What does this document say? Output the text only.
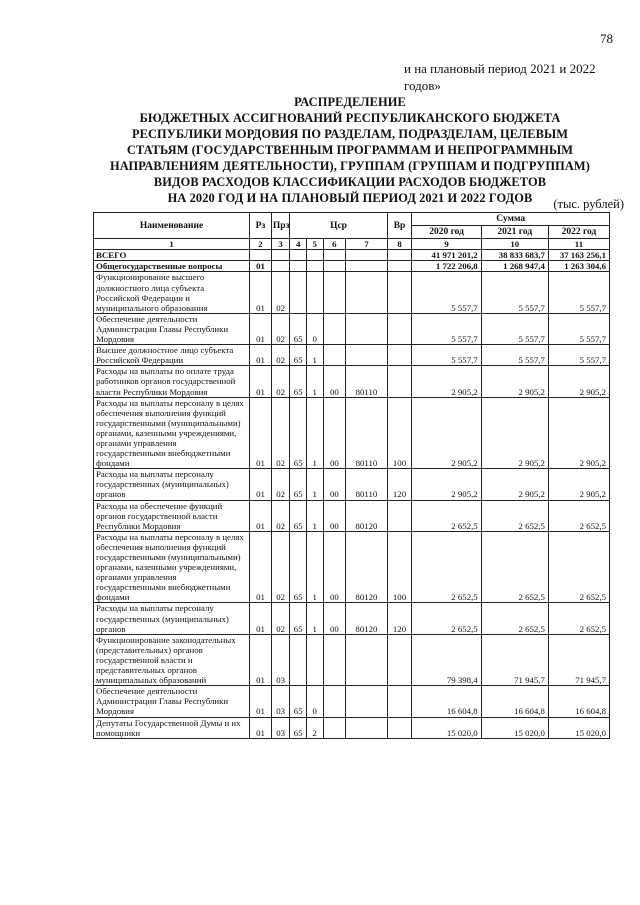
78
и на плановый период 2021 и 2022 годов»
РАСПРЕДЕЛЕНИЕ
БЮДЖЕТНЫХ АССИГНОВАНИЙ РЕСПУБЛИКАНСКОГО БЮДЖЕТА
РЕСПУБЛИКИ МОРДОВИЯ ПО РАЗДЕЛАМ, ПОДРАЗДЕЛАМ, ЦЕЛЕВЫМ
СТАТЬЯМ (ГОСУДАРСТВЕННЫМ ПРОГРАММАМ И НЕПРОГРАММНЫМ
НАПРАВЛЕНИЯМ ДЕЯТЕЛЬНОСТИ), ГРУППАМ (ГРУППАМ И ПОДГРУППАМ)
ВИДОВ РАСХОДОВ КЛАССИФИКАЦИИ РАСХОДОВ БЮДЖЕТОВ
НА 2020 ГОД И НА ПЛАНОВЫЙ ПЕРИОД 2021 И 2022 ГОДОВ	(тыс. рублей)
Наименование	Рз	Прз	Цср				Вр	Сумма		
								2020 год	2021 год	2022 год
1	2	3	4	5	6	7	8	9	10	11
ВСЕГО								41 971 201,2	38 833 683,7	37 163 256,1
Общегосударственные вопросы	01							1 722 206,8	1 268 947,4	1 263 304,6
Функционирование высшего должностного лица субъекта Российской Федерации и муниципального образования	01	02						5 557,7	5 557,7	5 557,7
Обеспечение деятельности Администрации Главы Республики Мордовия	01	02	65	0				5 557,7	5 557,7	5 557,7
Высшее должностное лицо субъекта Российской Федерации	01	02	65	1				5 557,7	5 557,7	5 557,7
Расходы на выплаты по оплате труда работников органов государственной власти Республики Мордовия	01	02	65	1	00	80110		2 905,2	2 905,2	2 905,2
Расходы на выплаты персоналу в целях обеспечения выполнения функций государственными (муниципальными) органами, казенными учреждениями, органами управления государственными внебюджетными фондами	01	02	65	1	00	80110	100	2 905,2	2 905,2	2 905,2
Расходы на выплаты персоналу государственных (муниципальных) органов	01	02	65	1	00	80110	120	2 905,2	2 905,2	2 905,2
Расходы на обеспечение функций органов государственной власти Республики Мордовия	01	02	65	1	00	80120		2 652,5	2 652,5	2 652,5
Расходы на выплаты персоналу в целях обеспечения выполнения функций государственными (муниципальными) органами, казенными учреждениями, органами управления государственными внебюджетными фондами	01	02	65	1	00	80120	100	2 652,5	2 652,5	2 652,5
Расходы на выплаты персоналу государственных (муниципальных) органов	01	02	65	1	00	80120	120	2 652,5	2 652,5	2 652,5
Функционирование законодательных (представительных) органов государственной власти и представительных органов муниципальных образований	01	03						79 398,4	71 945,7	71 945,7
Обеспечение деятельности Администрации Главы Республики Мордовия	01	03	65	0				16 604,8	16 604,8	16 604,8
Депутаты Государственной Думы и их помощники	01	03	65	2				15 020,0	15 020,0	15 020,0
